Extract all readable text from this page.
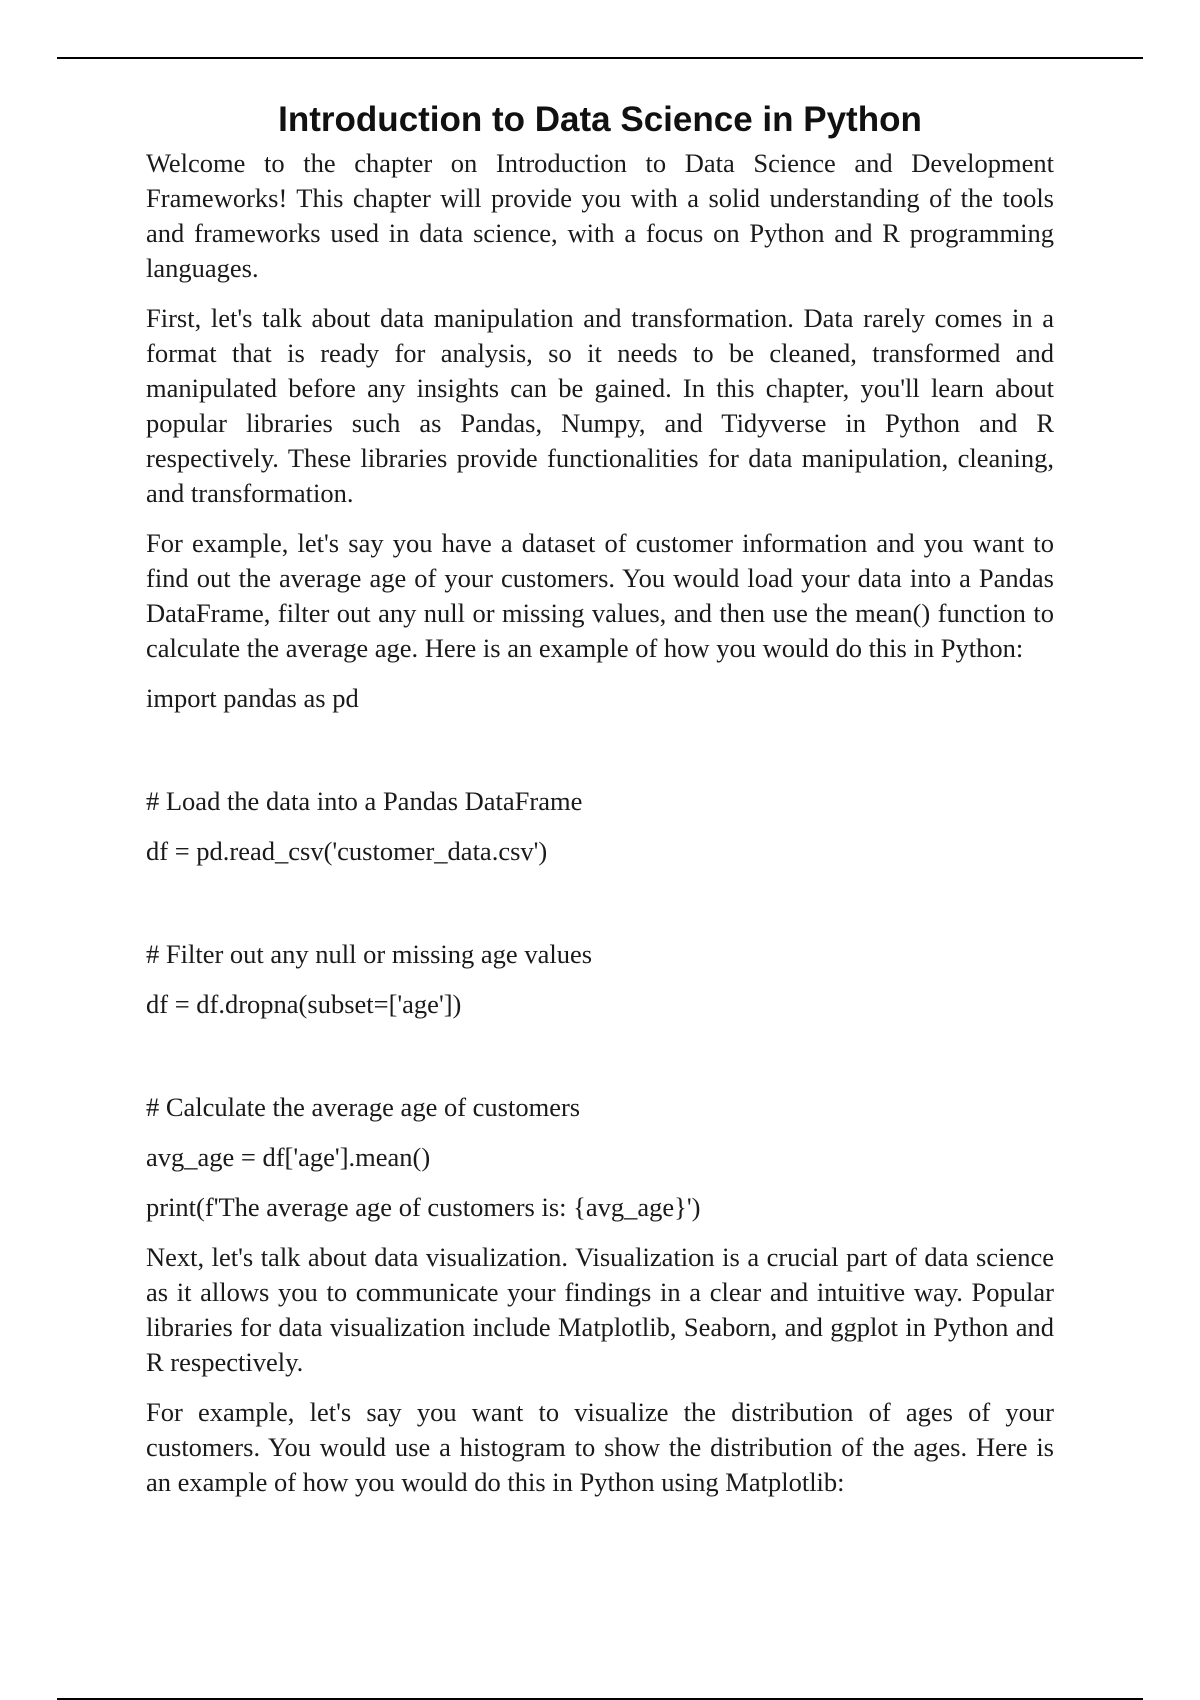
Introduction to Data Science in Python

Welcome to the chapter on Introduction to Data Science and Development Frameworks! This chapter will provide you with a solid understanding of the tools and frameworks used in data science, with a focus on Python and R programming languages.

First, let's talk about data manipulation and transformation. Data rarely comes in a format that is ready for analysis, so it needs to be cleaned, transformed and manipulated before any insights can be gained. In this chapter, you'll learn about popular libraries such as Pandas, Numpy, and Tidyverse in Python and R respectively. These libraries provide functionalities for data manipulation, cleaning, and transformation.

For example, let's say you have a dataset of customer information and you want to find out the average age of your customers. You would load your data into a Pandas DataFrame, filter out any null or missing values, and then use the mean() function to calculate the average age. Here is an example of how you would do this in Python:

import pandas as pd

# Load the data into a Pandas DataFrame

df = pd.read_csv('customer_data.csv')

# Filter out any null or missing age values

df = df.dropna(subset=['age'])

# Calculate the average age of customers

avg_age = df['age'].mean()

print(f'The average age of customers is: {avg_age}')

Next, let's talk about data visualization. Visualization is a crucial part of data science as it allows you to communicate your findings in a clear and intuitive way. Popular libraries for data visualization include Matplotlib, Seaborn, and ggplot in Python and R respectively.

For example, let's say you want to visualize the distribution of ages of your customers. You would use a histogram to show the distribution of the ages. Here is an example of how you would do this in Python using Matplotlib:
